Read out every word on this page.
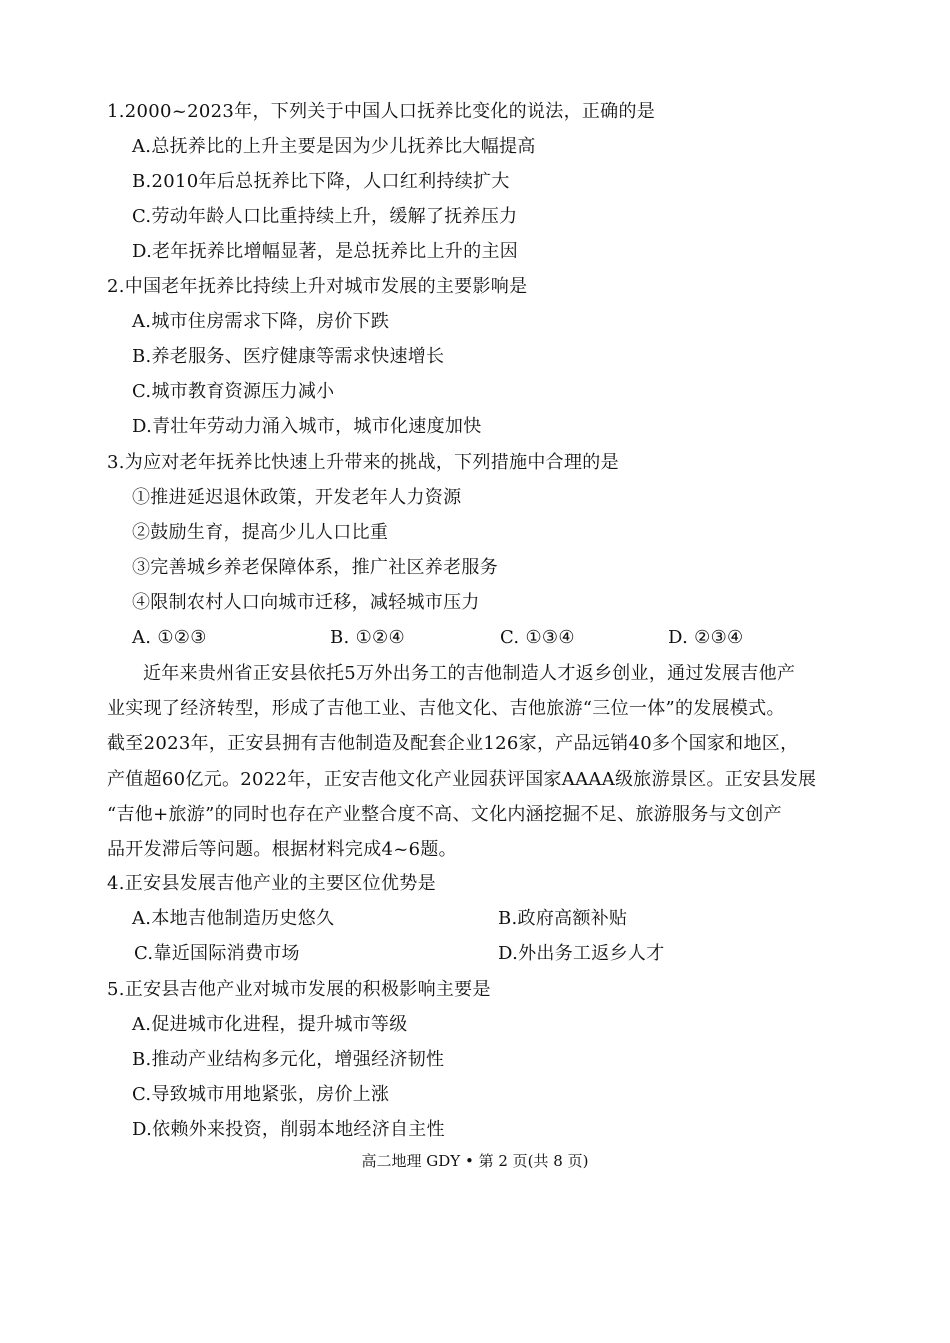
1.2000~2023年，下列关于中国人口抚养比变化的说法，正确的是
A.总抚养比的上升主要是因为少儿抚养比大幅提高
B.2010年后总抚养比下降，人口红利持续扩大
C.劳动年龄人口比重持续上升，缓解了抚养压力
D.老年抚养比增幅显著，是总抚养比上升的主因
2.中国老年抚养比持续上升对城市发展的主要影响是
A.城市住房需求下降，房价下跌
B.养老服务、医疗健康等需求快速增长
C.城市教育资源压力减小
D.青壮年劳动力涌入城市，城市化速度加快
3.为应对老年抚养比快速上升带来的挑战，下列措施中合理的是
①推进延迟退休政策，开发老年人力资源
②鼓励生育，提高少儿人口比重
③完善城乡养老保障体系，推广社区养老服务
④限制农村人口向城市迁移，减轻城市压力
A. ①②③	B. ①②④	C. ①③④	D. ②③④

近年来贵州省正安县依托5万外出务工的吉他制造人才返乡创业，通过发展吉他产

业实现了经济转型，形成了吉他工业、吉他文化、吉他旅游“三位一体”的发展模式。

截至2023年，正安县拥有吉他制造及配套企业126家，产品远销40多个国家和地区，

产值超60亿元。2022年，正安吉他文化产业园获评国家AAAA级旅游景区。正安县发展

“吉他+旅游”的同时也存在产业整合度不高、文化内涵挖掘不足、旅游服务与文创产

品开发滞后等问题。根据材料完成4~6题。

4.正安县发展吉他产业的主要区位优势是
A.本地吉他制造历史悠久	B.政府高额补贴
C.靠近国际消费市场	D.外出务工返乡人才
5.正安县吉他产业对城市发展的积极影响主要是
A.促进城市化进程，提升城市等级
B.推动产业结构多元化，增强经济韧性
C.导致城市用地紧张，房价上涨
D.依赖外来投资，削弱本地经济自主性
高二地理 GDY • 第 2 页(共 8 页)
